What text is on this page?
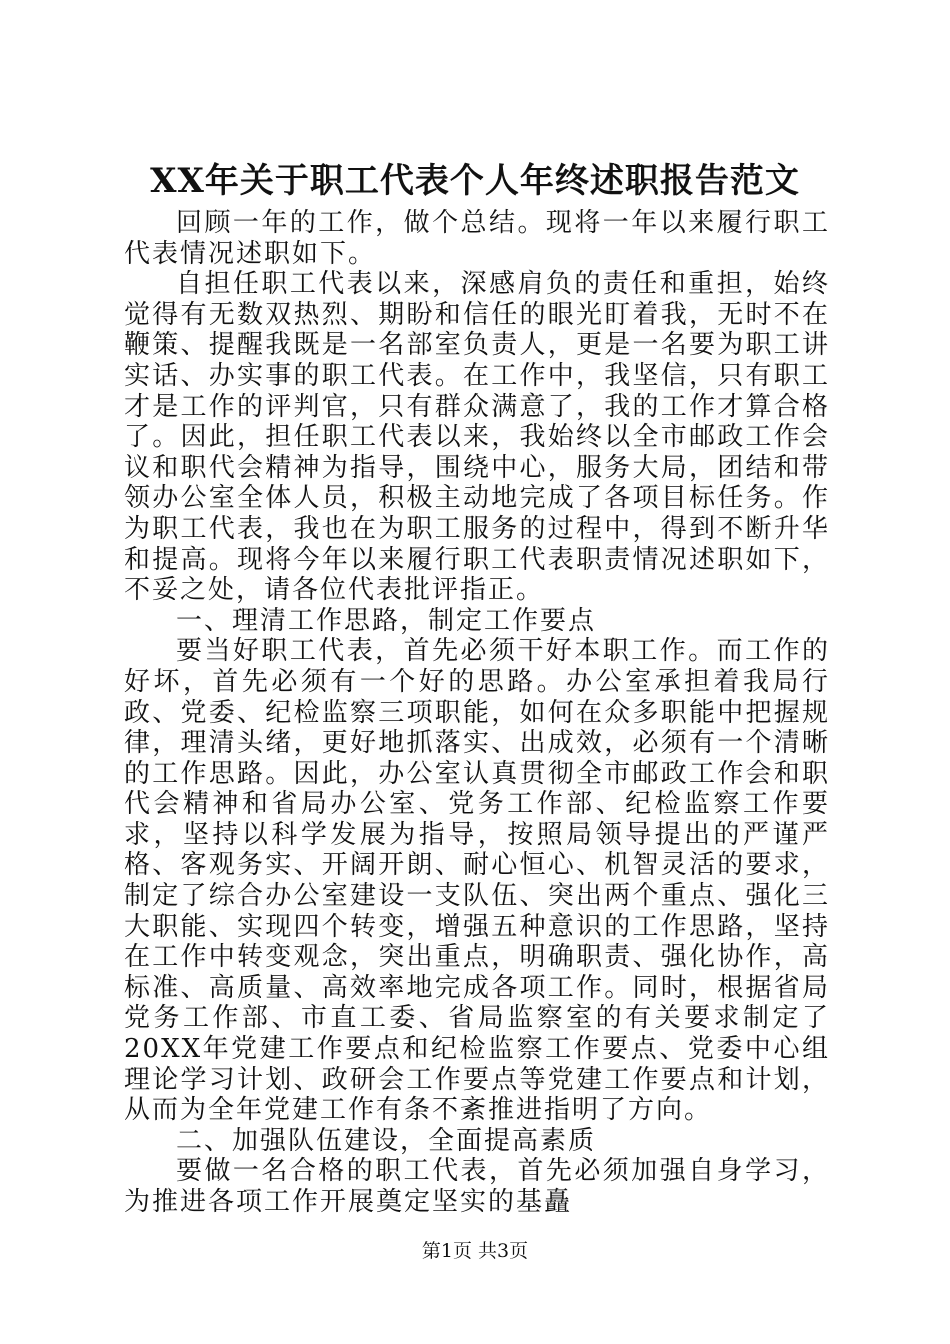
XX年关于职工代表个人年终述职报告范文

回顾一年的工作，做个总结。现将一年以来履行职工代表情况述职如下。

自担任职工代表以来，深感肩负的责任和重担，始终觉得有无数双热烈、期盼和信任的眼光盯着我，无时不在鞭策、提醒我既是一名部室负责人，更是一名要为职工讲实话、办实事的职工代表。在工作中，我坚信，只有职工才是工作的评判官，只有群众满意了，我的工作才算合格了。因此，担任职工代表以来，我始终以全市邮政工作会议和职代会精神为指导，围绕中心，服务大局，团结和带领办公室全体人员，积极主动地完成了各项目标任务。作为职工代表，我也在为职工服务的过程中，得到不断升华和提高。现将今年以来履行职工代表职责情况述职如下，不妥之处，请各位代表批评指正。

一、理清工作思路，制定工作要点

要当好职工代表，首先必须干好本职工作。而工作的好坏，首先必须有一个好的思路。办公室承担着我局行政、党委、纪检监察三项职能，如何在众多职能中把握规律，理清头绪，更好地抓落实、出成效，必须有一个清晰的工作思路。因此，办公室认真贯彻全市邮政工作会和职代会精神和省局办公室、党务工作部、纪检监察工作要求，坚持以科学发展为指导，按照局领导提出的严谨严格、客观务实、开阔开朗、耐心恒心、机智灵活的要求，制定了综合办公室建设一支队伍、突出两个重点、强化三大职能、实现四个转变，增强五种意识的工作思路，坚持在工作中转变观念，突出重点，明确职责、强化协作，高标准、高质量、高效率地完成各项工作。同时，根据省局党务工作部、市直工委、省局监察室的有关要求制定了20XX年党建工作要点和纪检监察工作要点、党委中心组理论学习计划、政研会工作要点等党建工作要点和计划，从而为全年党建工作有条不紊推进指明了方向。

二、加强队伍建设，全面提高素质

要做一名合格的职工代表，首先必须加强自身学习，为推进各项工作开展奠定坚实的基矗

第1页 共3页
